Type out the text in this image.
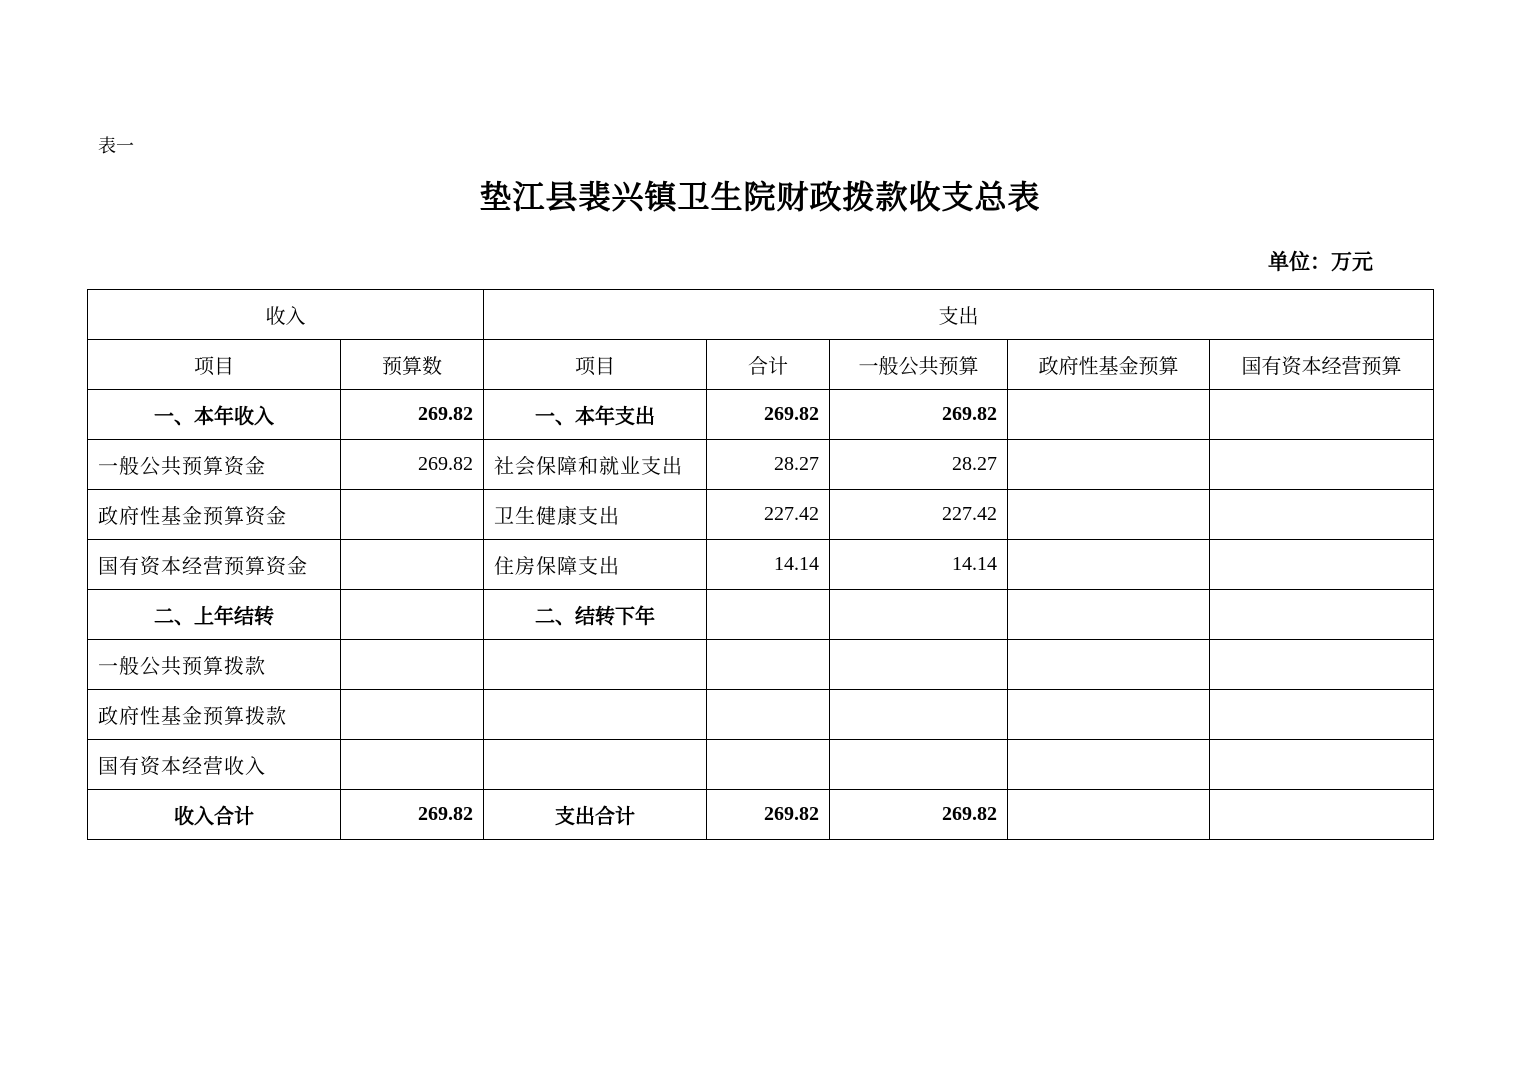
表一
垫江县裴兴镇卫生院财政拨款收支总表
单位：万元
收入		支出				
项目	预算数	项目	合计	一般公共预算	政府性基金预算	国有资本经营预算
一、本年收入	269.82	一、本年支出	269.82	269.82		
一般公共预算资金	269.82	社会保障和就业支出	28.27	28.27		
政府性基金预算资金		卫生健康支出	227.42	227.42		
国有资本经营预算资金		住房保障支出	14.14	14.14		
二、上年结转		二、结转下年				
一般公共预算拨款						
政府性基金预算拨款						
国有资本经营收入						
收入合计	269.82	支出合计	269.82	269.82		
